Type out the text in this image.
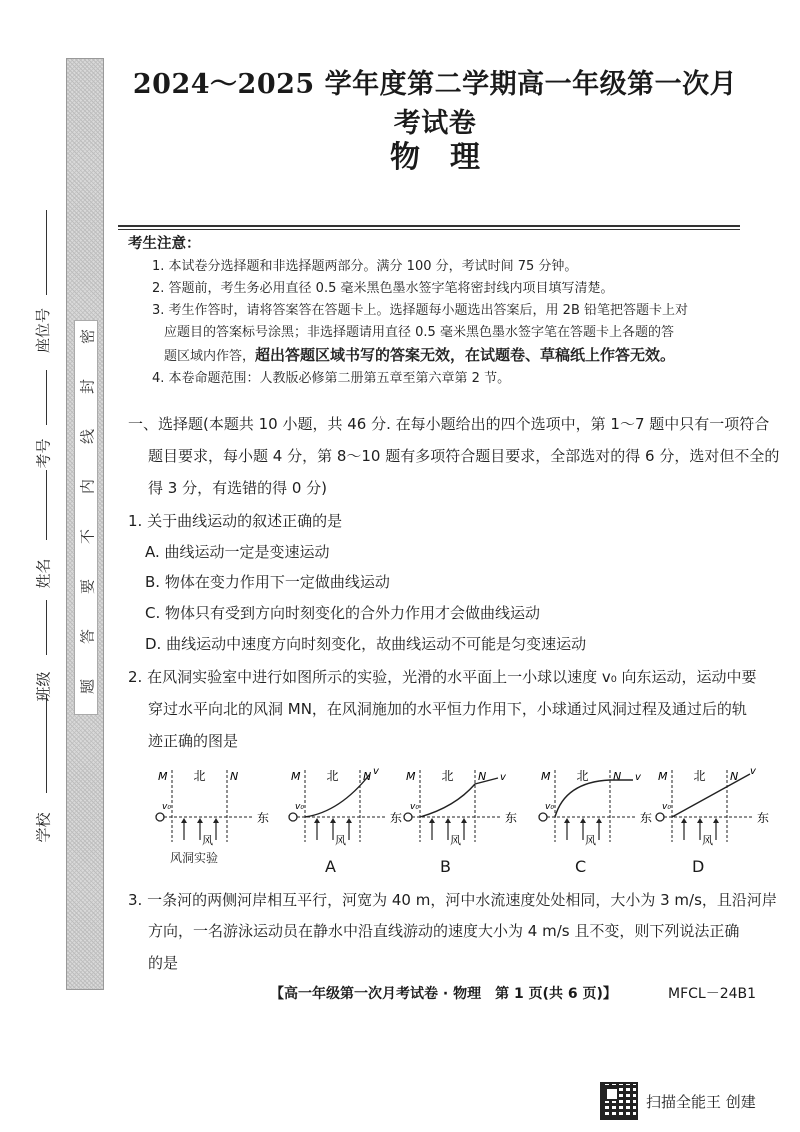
密
封
线
内
不
要
答
题
学校
班级
姓名
考号
座位号
2024～2025 学年度第二学期高一年级第一次月考试卷
物理
考生注意：
1. 本试卷分选择题和非选择题两部分。满分 100 分，考试时间 75 分钟。
2. 答题前，考生务必用直径 0.5 毫米黑色墨水签字笔将密封线内项目填写清楚。
3. 考生作答时，请将答案答在答题卡上。选择题每小题选出答案后，用 2B 铅笔把答题卡上对
应题目的答案标号涂黑；非选择题请用直径 0.5 毫米黑色墨水签字笔在答题卡上各题的答
题区域内作答，超出答题区域书写的答案无效，在试题卷、草稿纸上作答无效。
4. 本卷命题范围：人教版必修第二册第五章至第六章第 2 节。
一、选择题(本题共 10 小题，共 46 分. 在每小题给出的四个选项中，第 1～7 题中只有一项符合
题目要求，每小题 4 分，第 8～10 题有多项符合题目要求，全部选对的得 6 分，选对但不全的
得 3 分，有选错的得 0 分)
1. 关于曲线运动的叙述正确的是
A. 曲线运动一定是变速运动
B. 物体在变力作用下一定做曲线运动
C. 物体只有受到方向时刻变化的合外力作用才会做曲线运动
D. 曲线运动中速度方向时刻变化，故曲线运动不可能是匀变速运动
2. 在风洞实验室中进行如图所示的实验，光滑的水平面上一小球以速度 v₀ 向东运动，运动中要
穿过水平向北的风洞 MN，在风洞施加的水平恒力作用下，小球通过风洞过程及通过后的轨
迹正确的图是
M 北 N
v₀
东
风
风洞实验
M 北 N
v₀
东
风
v
A
M 北 N
v₀
东
风
v
B
M 北 N
v₀
东
风
v
C
M 北 N
v₀
东
风
v
D
3. 一条河的两侧河岸相互平行，河宽为 40 m，河中水流速度处处相同，大小为 3 m/s，且沿河岸
方向，一名游泳运动员在静水中沿直线游动的速度大小为 4 m/s 且不变，则下列说法正确
的是
【高一年级第一次月考试卷 · 物理　第 1 页(共 6 页)】	MFCL－24B1
扫描全能王 创建
